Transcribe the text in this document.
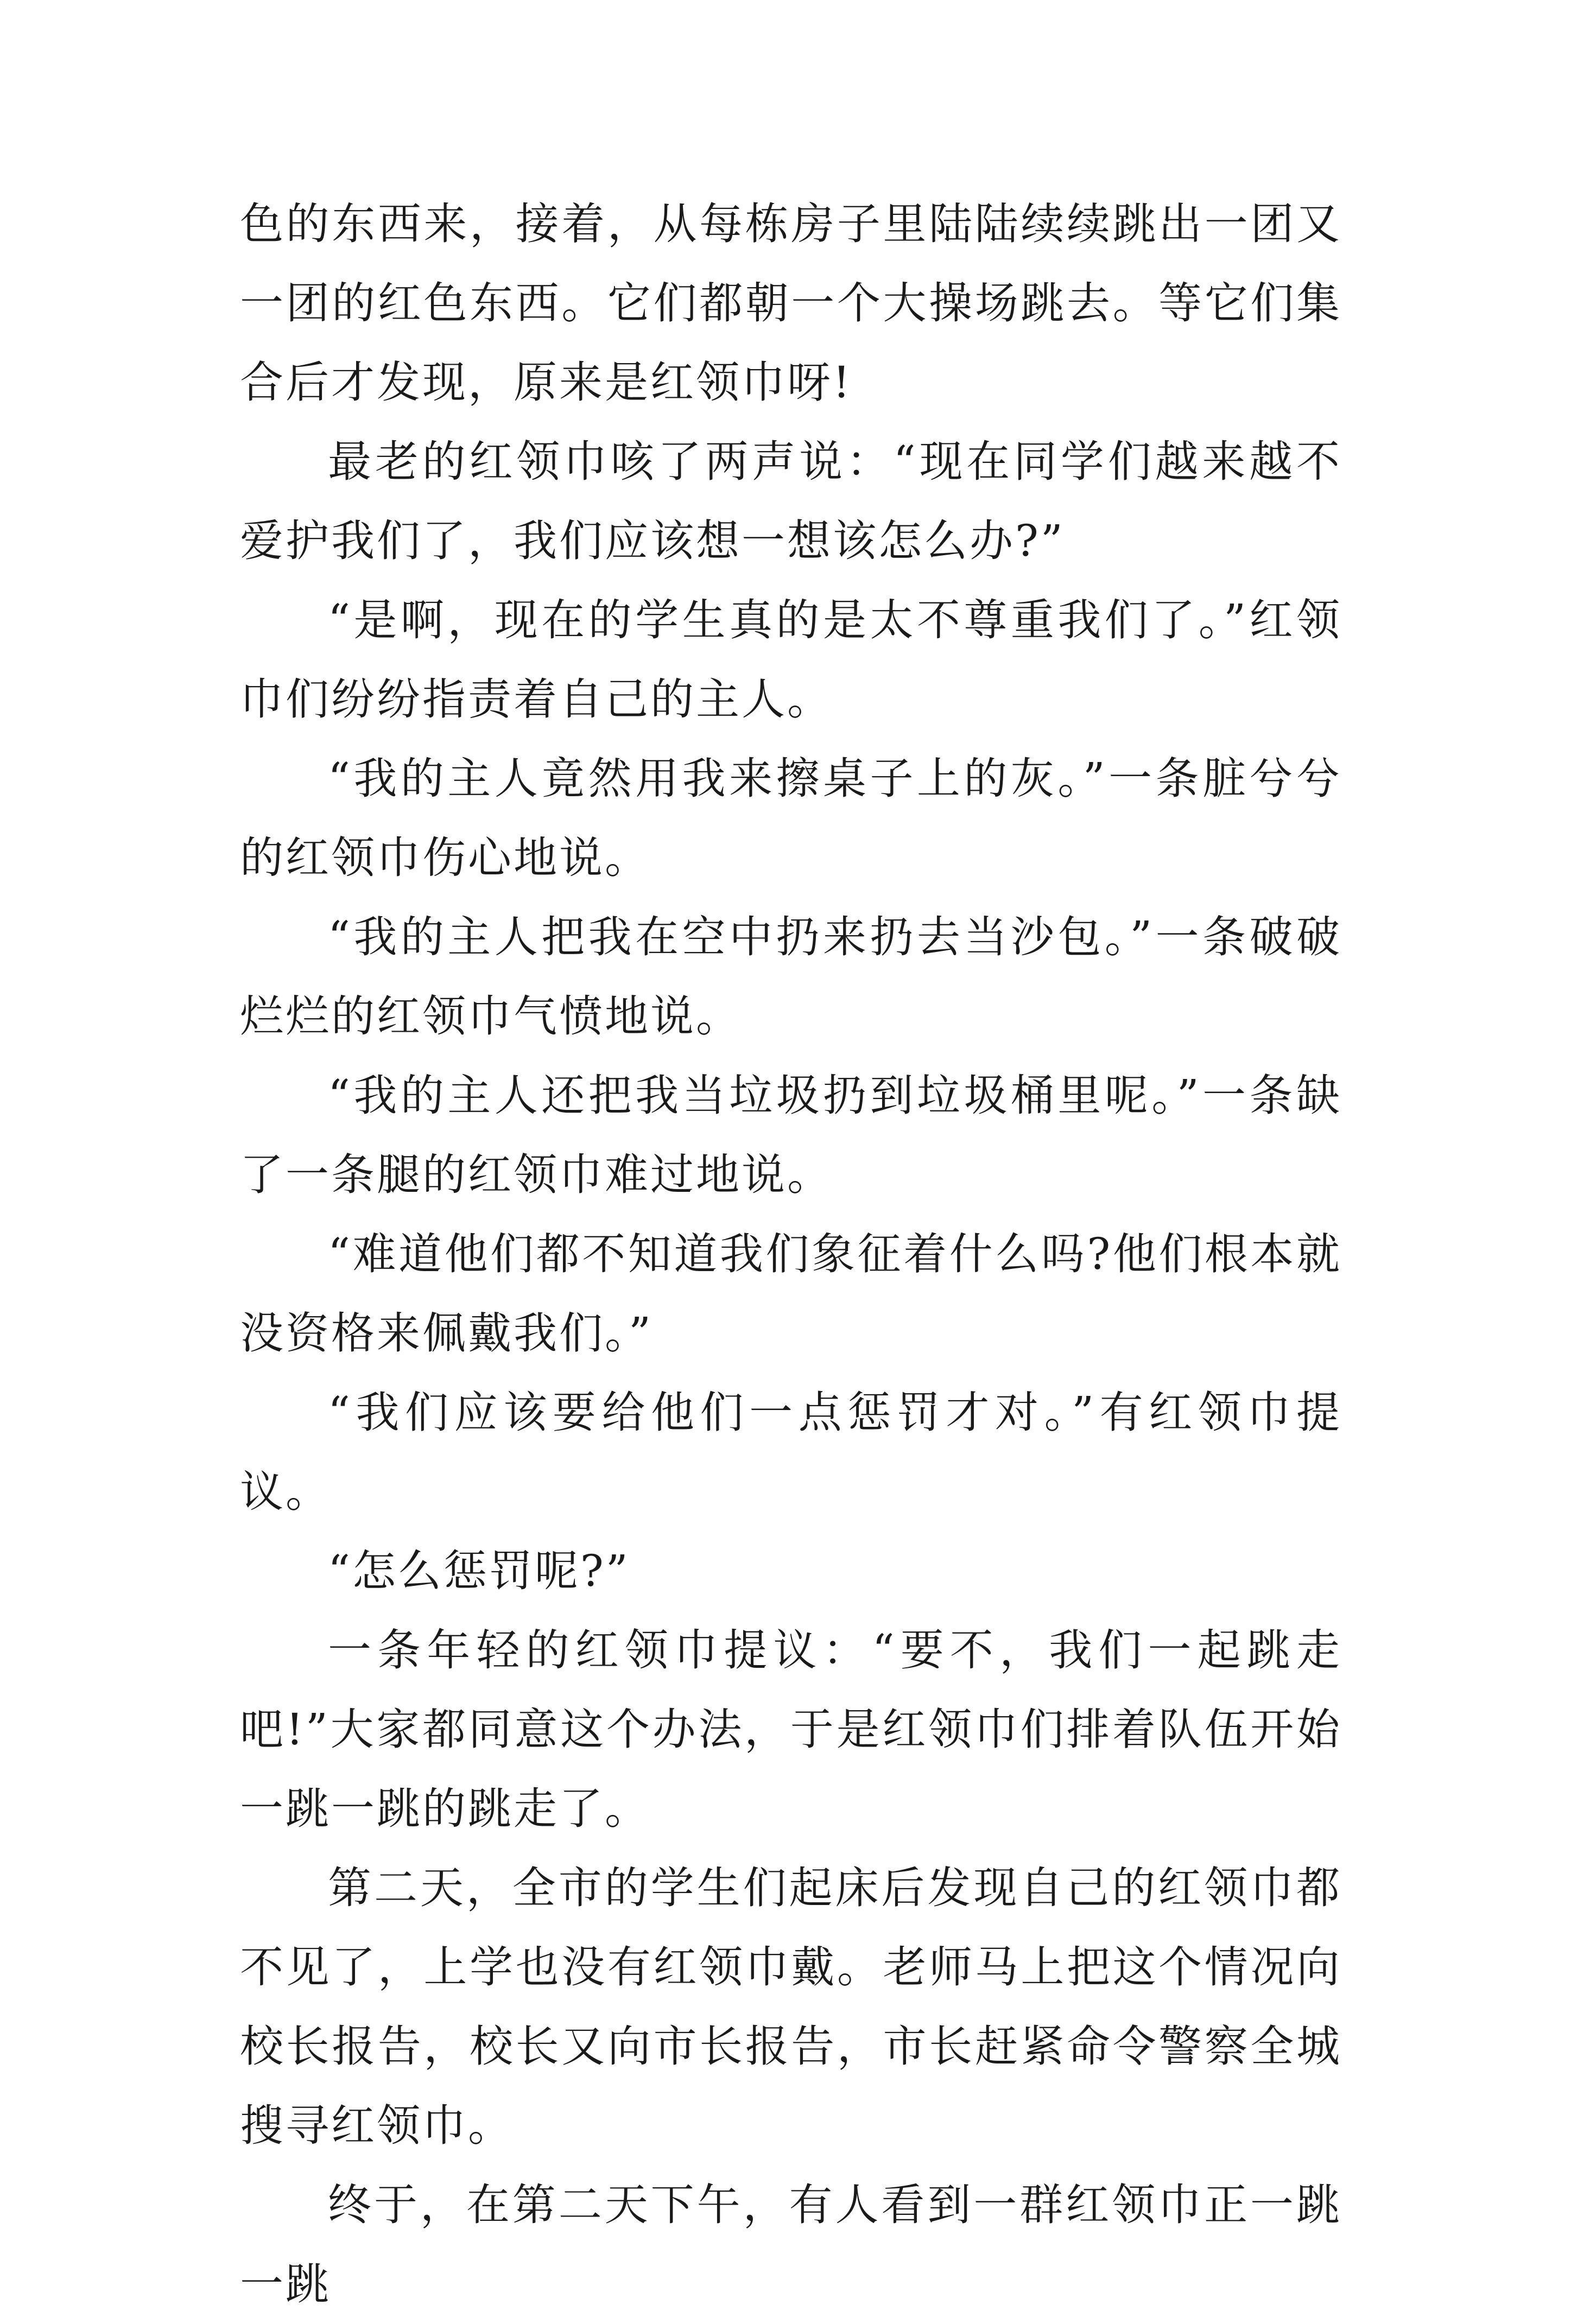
色的东西来，接着，从每栋房子里陆陆续续跳出一团又一团的红色东西。它们都朝一个大操场跳去。等它们集合后才发现，原来是红领巾呀!

最老的红领巾咳了两声说：“现在同学们越来越不爱护我们了，我们应该想一想该怎么办?”

“是啊，现在的学生真的是太不尊重我们了。”红领巾们纷纷指责着自己的主人。

“我的主人竟然用我来擦桌子上的灰。”一条脏兮兮的红领巾伤心地说。

“我的主人把我在空中扔来扔去当沙包。”一条破破烂烂的红领巾气愤地说。

“我的主人还把我当垃圾扔到垃圾桶里呢。”一条缺了一条腿的红领巾难过地说。

“难道他们都不知道我们象征着什么吗?他们根本就没资格来佩戴我们。”

“我们应该要给他们一点惩罚才对。”有红领巾提议。

“怎么惩罚呢?”

一条年轻的红领巾提议：“要不，我们一起跳走吧!”大家都同意这个办法，于是红领巾们排着队伍开始一跳一跳的跳走了。

第二天，全市的学生们起床后发现自己的红领巾都不见了，上学也没有红领巾戴。老师马上把这个情况向校长报告，校长又向市长报告，市长赶紧命令警察全城搜寻红领巾。

终于，在第二天下午，有人看到一群红领巾正一跳一跳
